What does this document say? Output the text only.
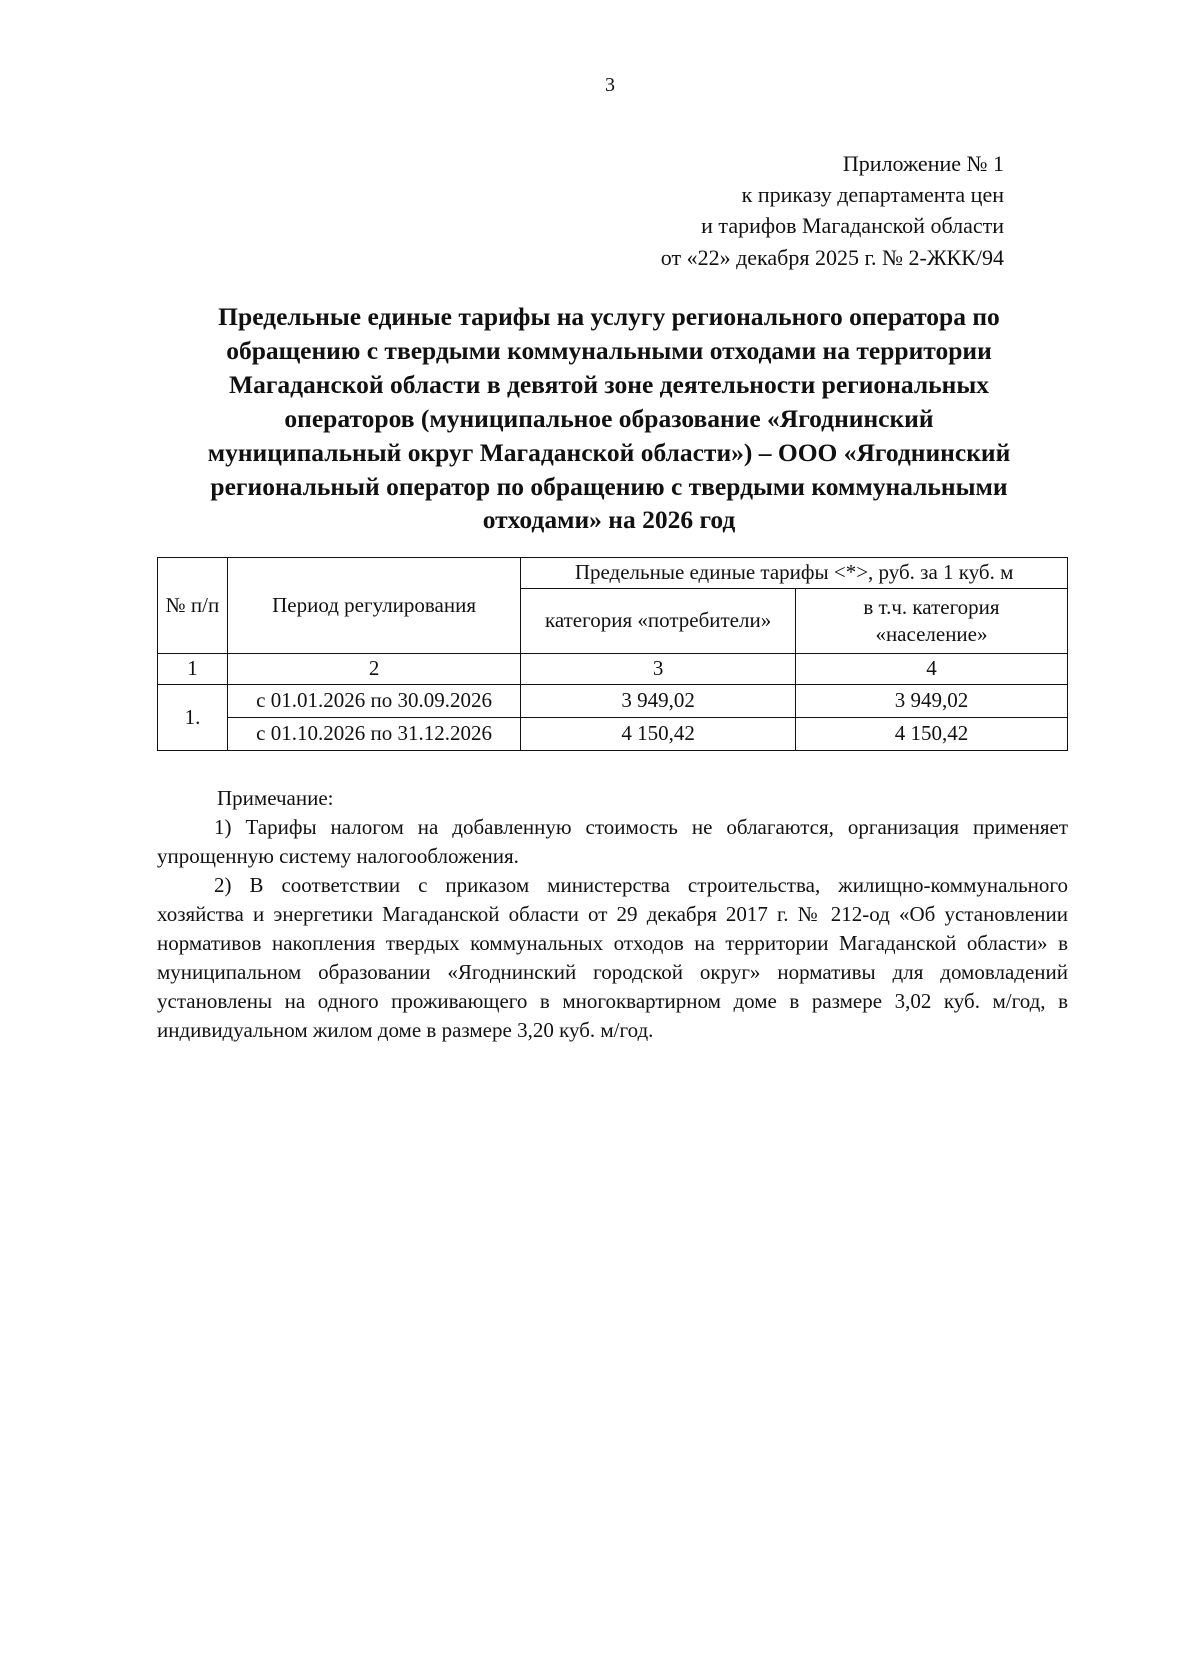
3
Приложение № 1
к приказу департамента цен
и тарифов Магаданской области
от «22» декабря 2025 г. № 2-ЖКК/94
Предельные единые тарифы на услугу регионального оператора по
обращению с твердыми коммунальными отходами на территории
Магаданской области в девятой зоне деятельности региональных
операторов (муниципальное образование «Ягоднинский
муниципальный округ Магаданской области») – ООО «Ягоднинский
региональный оператор по обращению с твердыми коммунальными
отходами» на 2026 год
№ п/п	Период регулирования	Предельные единые тарифы <*>, руб. за 1 куб. м	
		категория «потребители»	в т.ч. категория
«население»
1	2	3	4
1.	с 01.01.2026 по 30.09.2026	3 949,02	3 949,02
	с 01.10.2026 по 31.12.2026	4 150,42	4 150,42

Примечание:

1) Тарифы налогом на добавленную стоимость не облагаются, организация применяет упрощенную систему налогообложения.

2) В соответствии с приказом министерства строительства, жилищно-коммунального хозяйства и энергетики Магаданской области от 29 декабря 2017 г. № 212-од «Об установлении нормативов накопления твердых коммунальных отходов на территории Магаданской области» в муниципальном образовании «Ягоднинский городской округ» нормативы для домовладений установлены на одного проживающего в многоквартирном доме в размере 3,02 куб. м/год, в индивидуальном жилом доме в размере 3,20 куб. м/год.
